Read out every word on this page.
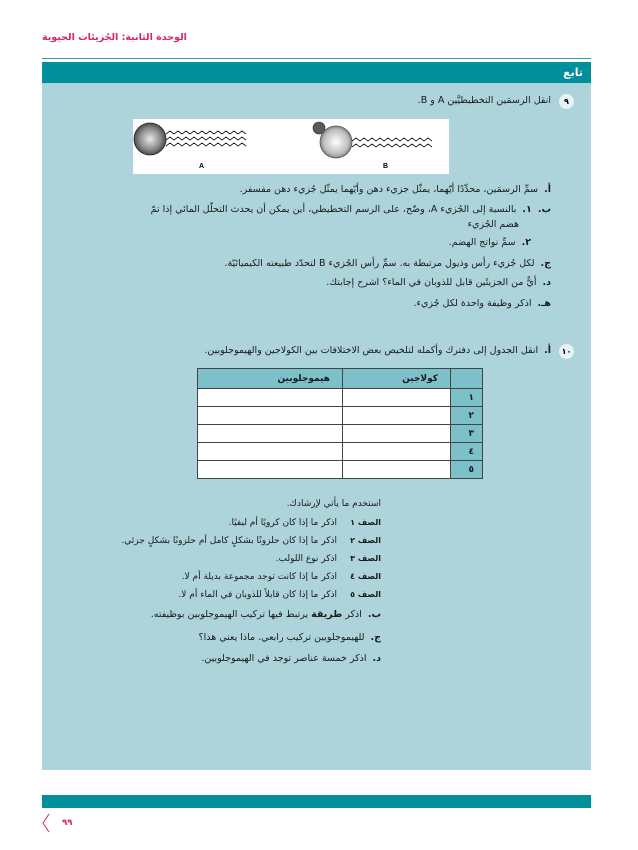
الوحدة الثانية: الجُزيئات الحيوية
تابع
٩
انقل الرسمَين التخطيطيَّين A و B.
A	B
أ.سمِّ الرسمَين، محدِّدًا أيّهما، يمثّل جزيء دهن وأيّهما يمثّل جُزيء دهن مفسفر.
ب.١.بالنسبة إلى الجُزيء A، وضّح، على الرسم التخطيطي، أين يمكن أن يحدث التحلّل المائي إذا تمّ
هضم الجُزيء
٢.سمِّ نواتج الهضم.
ج.لكل جُزيء رأس وذيول مرتبطة به. سمِّ رأس الجُزيء B لتحدّد طبيعته الكيميائيّة.
د.أيٌّ من الجزيئَين قابل للذوبان في الماء؟ اشرح إجابتك.
هـ.اذكر وظيفة واحدة لكل جُزيء.
١٠
أ.انقل الجدول إلى دفترك وأكمله لتلخيص بعض الاختلافات بين الكولاجين والهيموجلوبين.
	كولاجين	هيموجلوبين
١		
٢		
٣		
٤		
٥		
استخدم ما يأتي لإرشادك.
الصف ١اذكر ما إذا كان كرويًا أم ليفيًا.
الصف ٢اذكر ما إذا كان حلزونًا بشكلٍ كامل أم حلزونًا بشكلٍ جزئي.
الصف ٣اذكر نوع اللولب.
الصف ٤اذكر ما إذا كانت توجد مجموعة بديلة أم لا.
الصف ٥اذكر ما إذا كان قابلاً للذوبان في الماء أم لا.
ب.اذكر طريقة يرتبط فيها تركيب الهيموجلوبين بوظيفته.
ج.للهيموجلوبين تركيب رابعي. ماذا يعني هذا؟
د.اذكر خمسة عناصر توجد في الهيموجلوبين.
٩٩
